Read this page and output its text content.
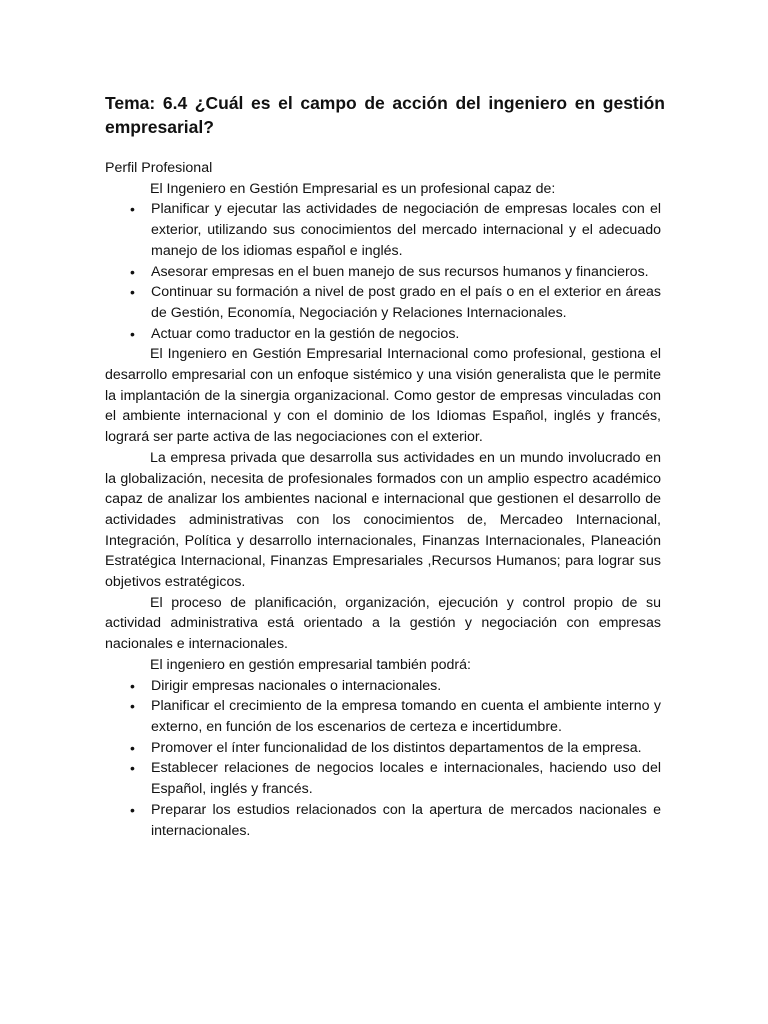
Tema: 6.4 ¿Cuál es el campo de acción del ingeniero en gestión empresarial?

Perfil Profesional

El Ingeniero en Gestión Empresarial es un profesional capaz de:

• Planificar y ejecutar las actividades de negociación de empresas locales con el exterior, utilizando sus conocimientos del mercado internacional y el adecuado manejo de los idiomas español e inglés.
• Asesorar empresas en el buen manejo de sus recursos humanos y financieros.
• Continuar su formación a nivel de post grado en el país o en el exterior en áreas de Gestión, Economía, Negociación y Relaciones Internacionales.
• Actuar como traductor en la gestión de negocios.

El Ingeniero en Gestión Empresarial Internacional como profesional, gestiona el desarrollo empresarial con un enfoque sistémico y una visión generalista que le permite la implantación de la sinergia organizacional. Como gestor de empresas vinculadas con el ambiente internacional y con el dominio de los Idiomas Español, inglés y francés, logrará ser parte activa de las negociaciones con el exterior.

La empresa privada que desarrolla sus actividades en un mundo involucrado en la globalización, necesita de profesionales formados con un amplio espectro académico capaz de analizar los ambientes nacional e internacional que gestionen el desarrollo de actividades administrativas con los conocimientos de, Mercadeo Internacional, Integración, Política y desarrollo internacionales, Finanzas Internacionales, Planeación Estratégica Internacional, Finanzas Empresariales ,Recursos Humanos; para lograr sus objetivos estratégicos.

El proceso de planificación, organización, ejecución y control propio de su actividad administrativa está orientado a la gestión y negociación con empresas nacionales e internacionales.

El ingeniero en gestión empresarial también podrá:

• Dirigir empresas nacionales o internacionales.
• Planificar el crecimiento de la empresa tomando en cuenta el ambiente interno y externo, en función de los escenarios de certeza e incertidumbre.
• Promover el ínter funcionalidad de los distintos departamentos de la empresa.
• Establecer relaciones de negocios locales e internacionales, haciendo uso del Español, inglés y francés.
• Preparar los estudios relacionados con la apertura de mercados nacionales e internacionales.
